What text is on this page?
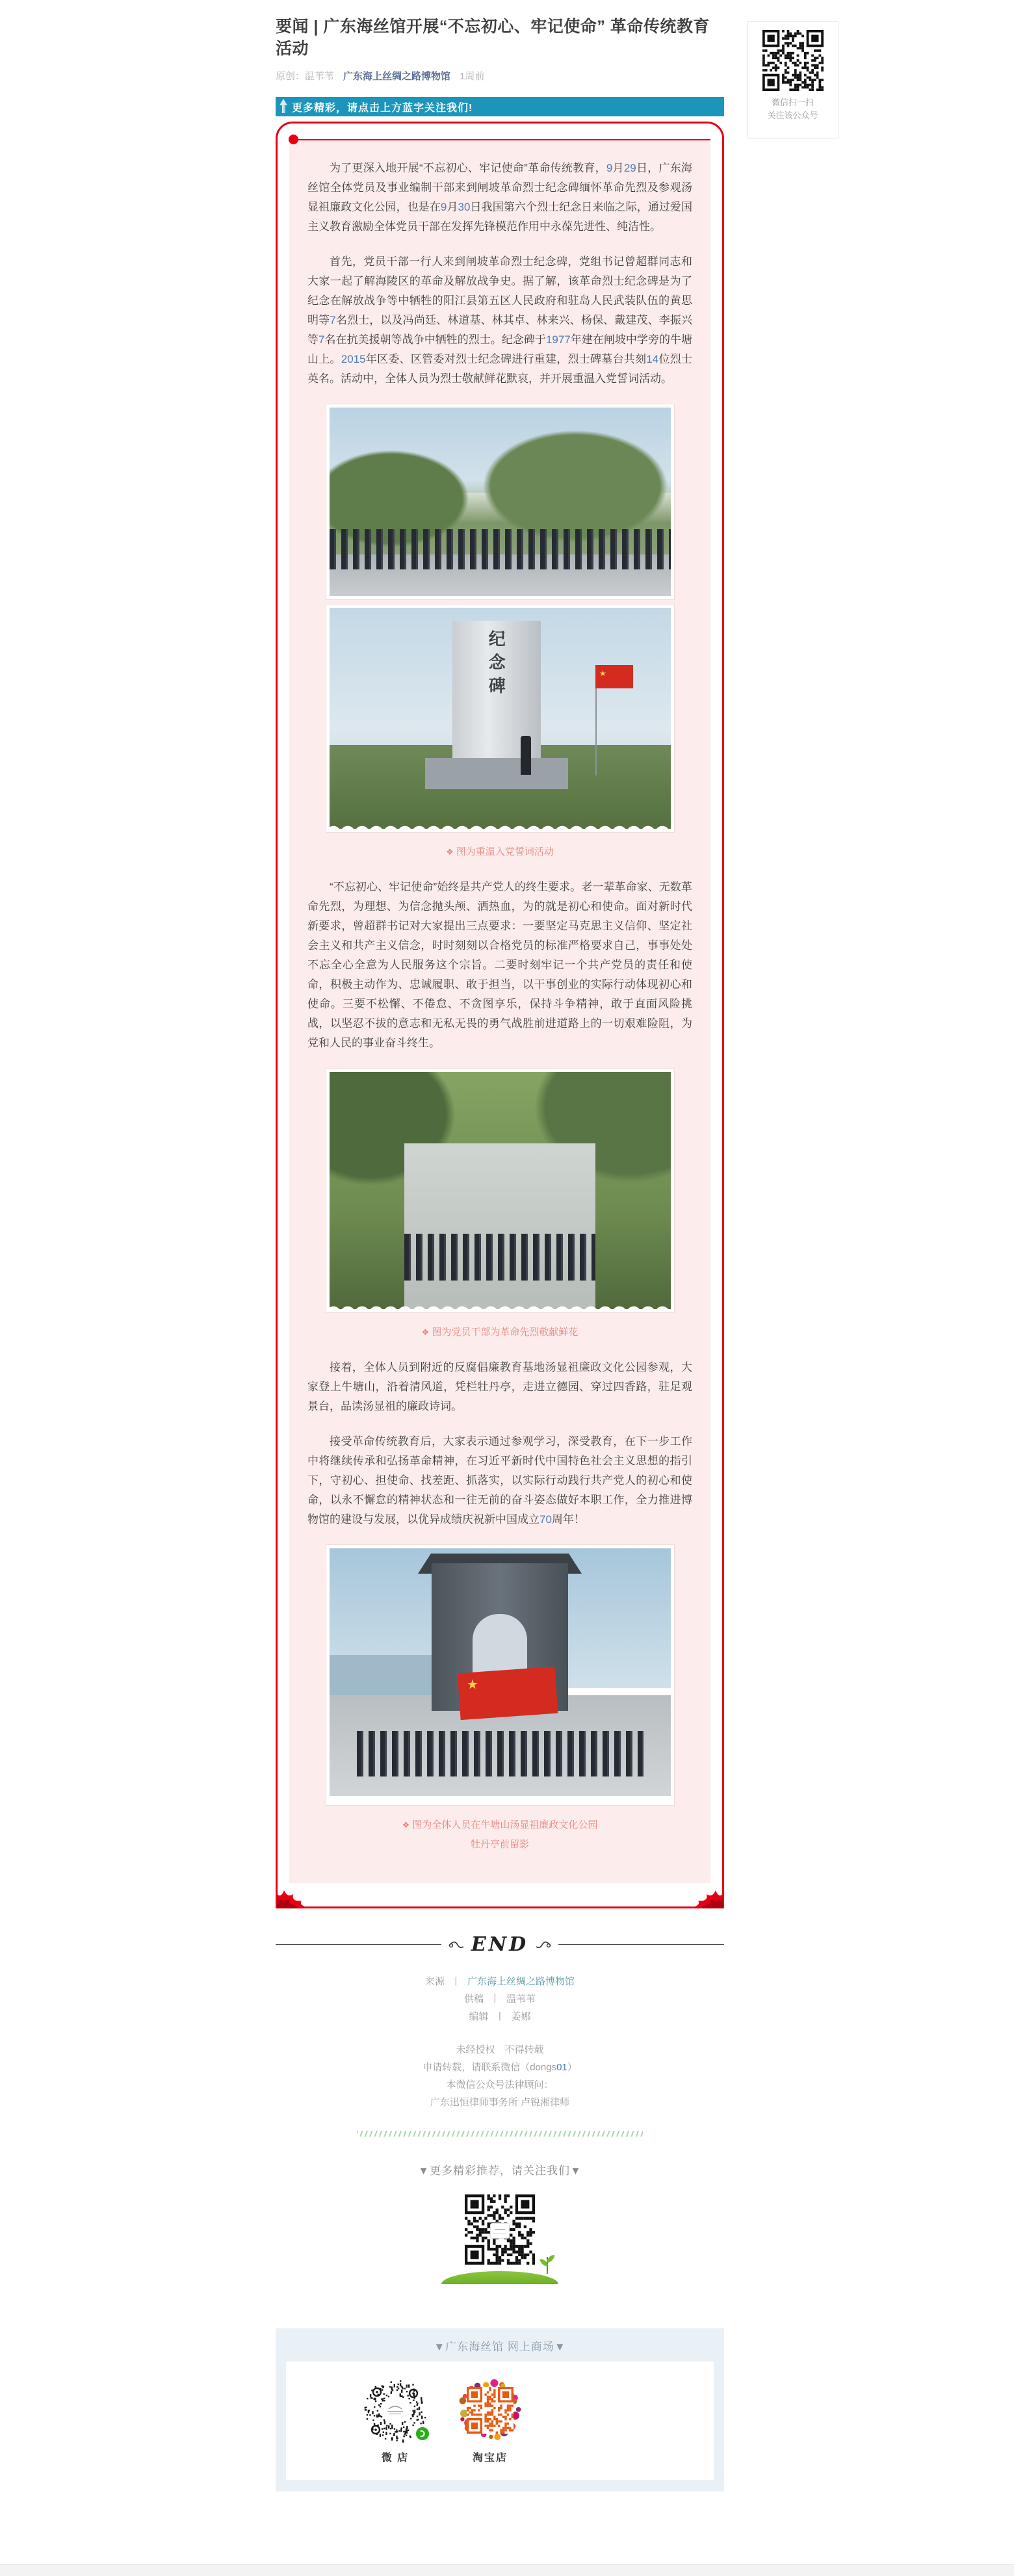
要闻 | 广东海丝馆开展“不忘初心、牢记使命” 革命传统教育活动
原创：温苇苇 广东海上丝绸之路博物馆 1周前
更多精彩，请点击上方蓝字关注我们!

为了更深入地开展“不忘初心、牢记使命”革命传统教育，9月29日，广东海丝馆全体党员及事业编制干部来到闸坡革命烈士纪念碑缅怀革命先烈及参观汤显祖廉政文化公园，也是在9月30日我国第六个烈士纪念日来临之际，通过爱国主义教育激励全体党员干部在发挥先锋模范作用中永葆先进性、纯洁性。

首先，党员干部一行人来到闸坡革命烈士纪念碑，党组书记曾超群同志和大家一起了解海陵区的革命及解放战争史。据了解，该革命烈士纪念碑是为了纪念在解放战争等中牺牲的阳江县第五区人民政府和驻岛人民武装队伍的黄思明等7名烈士，以及冯尚廷、林道基、林其卓、林来兴、杨保、戴建茂、李振兴等7名在抗美援朝等战争中牺牲的烈士。纪念碑于1977年建在闸坡中学旁的牛塘山上。2015年区委、区管委对烈士纪念碑进行重建，烈士碑墓台共刻14位烈士英名。活动中，全体人员为烈士敬献鲜花默哀，并开展重温入党誓词活动。

纪念碑	★

❖ 图为重温入党誓词活动

“不忘初心、牢记使命”始终是共产党人的终生要求。老一辈革命家、无数革命先烈，为理想、为信念抛头颅、洒热血，为的就是初心和使命。面对新时代新要求，曾超群书记对大家提出三点要求：一要坚定马克思主义信仰、坚定社会主义和共产主义信念，时时刻刻以合格党员的标准严格要求自己，事事处处不忘全心全意为人民服务这个宗旨。二要时刻牢记一个共产党员的责任和使命，积极主动作为、忠诚履职、敢于担当，以干事创业的实际行动体现初心和使命。三要不松懈、不倦怠、不贪图享乐，保持斗争精神，敢于直面风险挑战，以坚忍不拔的意志和无私无畏的勇气战胜前进道路上的一切艰难险阻，为党和人民的事业奋斗终生。

❖ 图为党员干部为革命先烈敬献鲜花

接着，全体人员到附近的反腐倡廉教育基地汤显祖廉政文化公园参观，大家登上牛塘山，沿着清风道，凭栏牡丹亭，走进立德园、穿过四香路，驻足观景台，品读汤显祖的廉政诗词。

接受革命传统教育后，大家表示通过参观学习，深受教育，在下一步工作中将继续传承和弘扬革命精神，在习近平新时代中国特色社会主义思想的指引下，守初心、担使命、找差距、抓落实，以实际行动践行共产党人的初心和使命，以永不懈怠的精神状态和一往无前的奋斗姿态做好本职工作，全力推进博物馆的建设与发展，以优异成绩庆祝新中国成立70周年！

★

❖ 图为全体人员在牛塘山汤显祖廉政文化公园

牡丹亭前留影

END
来源 丨 广东海上丝绸之路博物馆
供稿 丨 温苇苇
编辑 丨 姜娜
未经授权　不得转载
申请转载，请联系微信（dongs01）
本微信公众号法律顾问：
广东迅恒律师事务所 卢锐湘律师
▼更多精彩推荐，请关注我们▼
▼广东海丝馆 网上商场▼
微 店	淘宝店
微信扫一扫
关注该公众号
